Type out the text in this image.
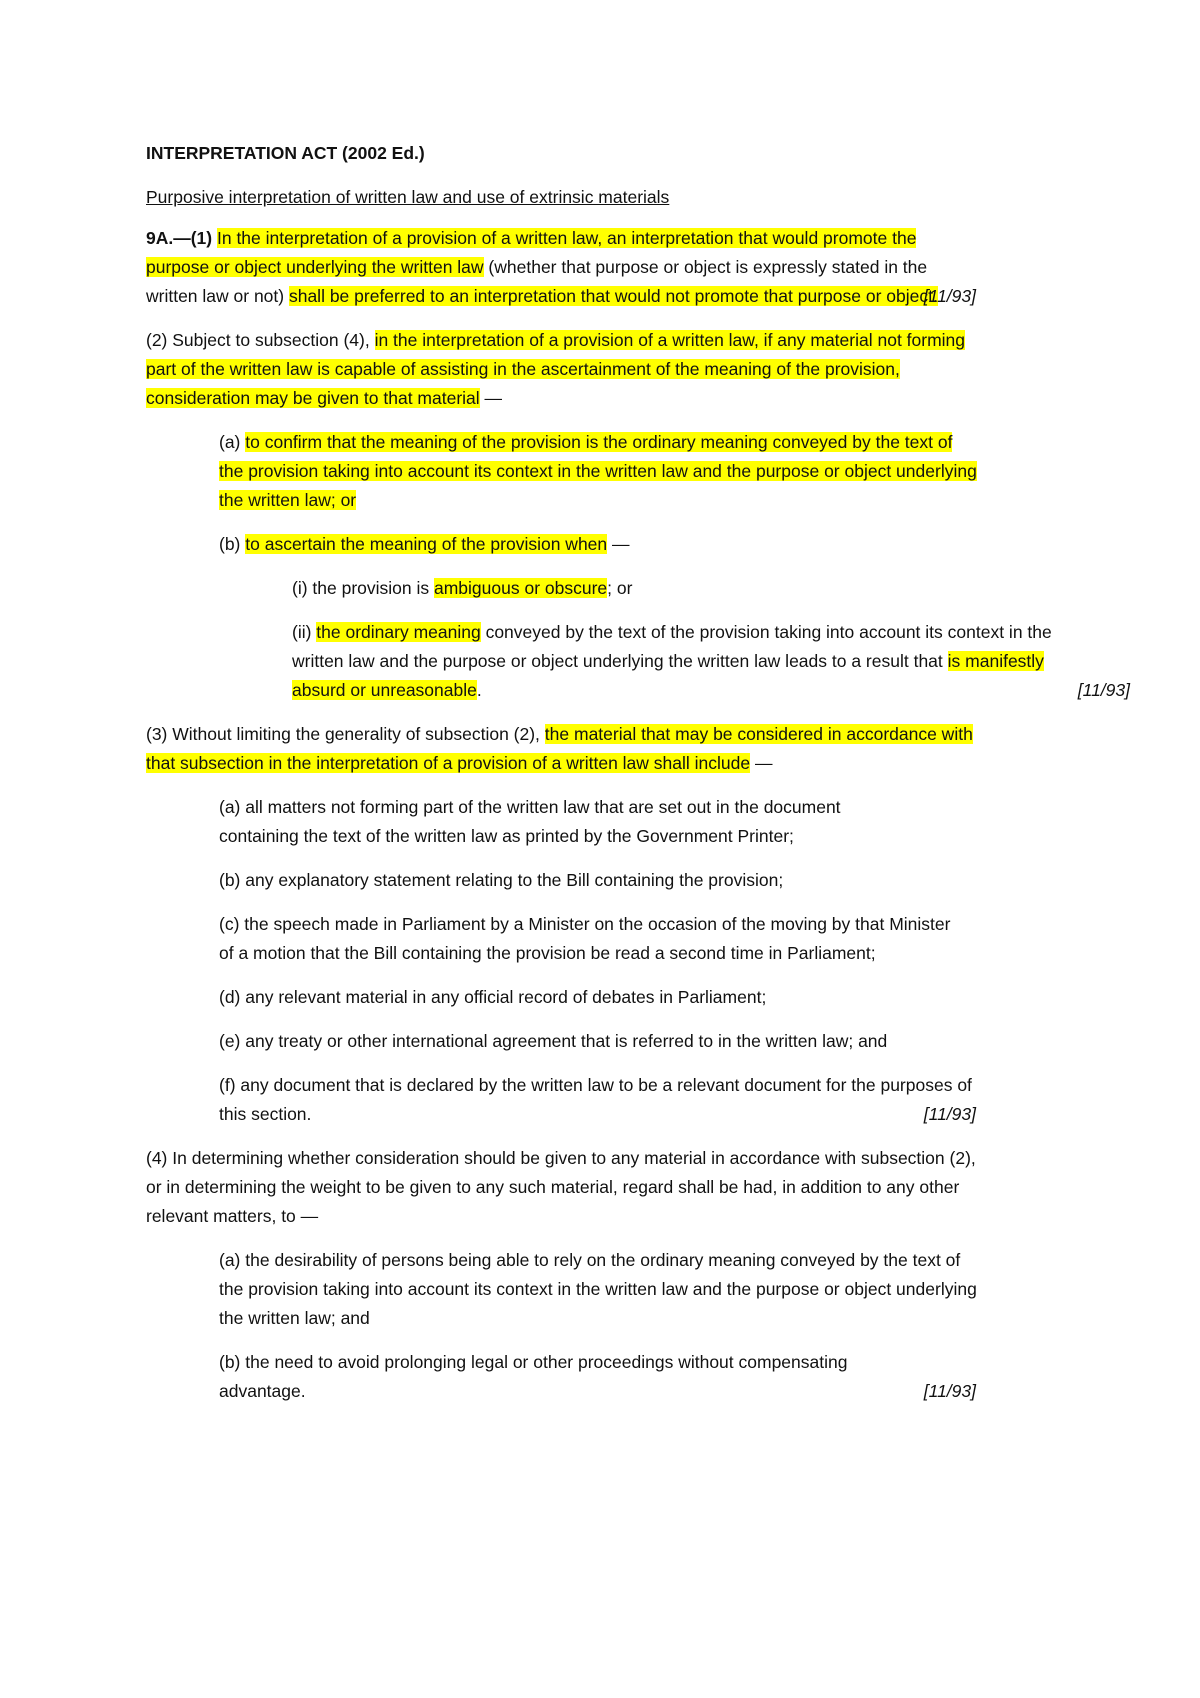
INTERPRETATION ACT (2002 Ed.)
Purposive interpretation of written law and use of extrinsic materials

9A.—(1) In the interpretation of a provision of a written law, an interpretation that would promote the purpose or object underlying the written law (whether that purpose or object is expressly stated in the written law or not) shall be preferred to an interpretation that would not promote that purpose or object.
[11/93]

(2) Subject to subsection (4), in the interpretation of a provision of a written law, if any material not forming part of the written law is capable of assisting in the ascertainment of the meaning of the provision, consideration may be given to that material —

(a) to confirm that the meaning of the provision is the ordinary meaning conveyed by the text of the provision taking into account its context in the written law and the purpose or object underlying the written law; or

(b) to ascertain the meaning of the provision when —

(i) the provision is ambiguous or obscure; or

(ii) the ordinary meaning conveyed by the text of the provision taking into account its context in the written law and the purpose or object underlying the written law leads to a result that is manifestly absurd or unreasonable.	[11/93]

(3) Without limiting the generality of subsection (2), the material that may be considered in accordance with that subsection in the interpretation of a provision of a written law shall include —

(a) all matters not forming part of the written law that are set out in the document containing the text of the written law as printed by the Government Printer;

(b) any explanatory statement relating to the Bill containing the provision;

(c) the speech made in Parliament by a Minister on the occasion of the moving by that Minister of a motion that the Bill containing the provision be read a second time in Parliament;

(d) any relevant material in any official record of debates in Parliament;

(e) any treaty or other international agreement that is referred to in the written law; and

(f) any document that is declared by the written law to be a relevant document for the purposes of this section.	[11/93]

(4) In determining whether consideration should be given to any material in accordance with subsection (2), or in determining the weight to be given to any such material, regard shall be had, in addition to any other relevant matters, to —

(a) the desirability of persons being able to rely on the ordinary meaning conveyed by the text of the provision taking into account its context in the written law and the purpose or object underlying the written law; and

(b) the need to avoid prolonging legal or other proceedings without compensating advantage.	[11/93]
